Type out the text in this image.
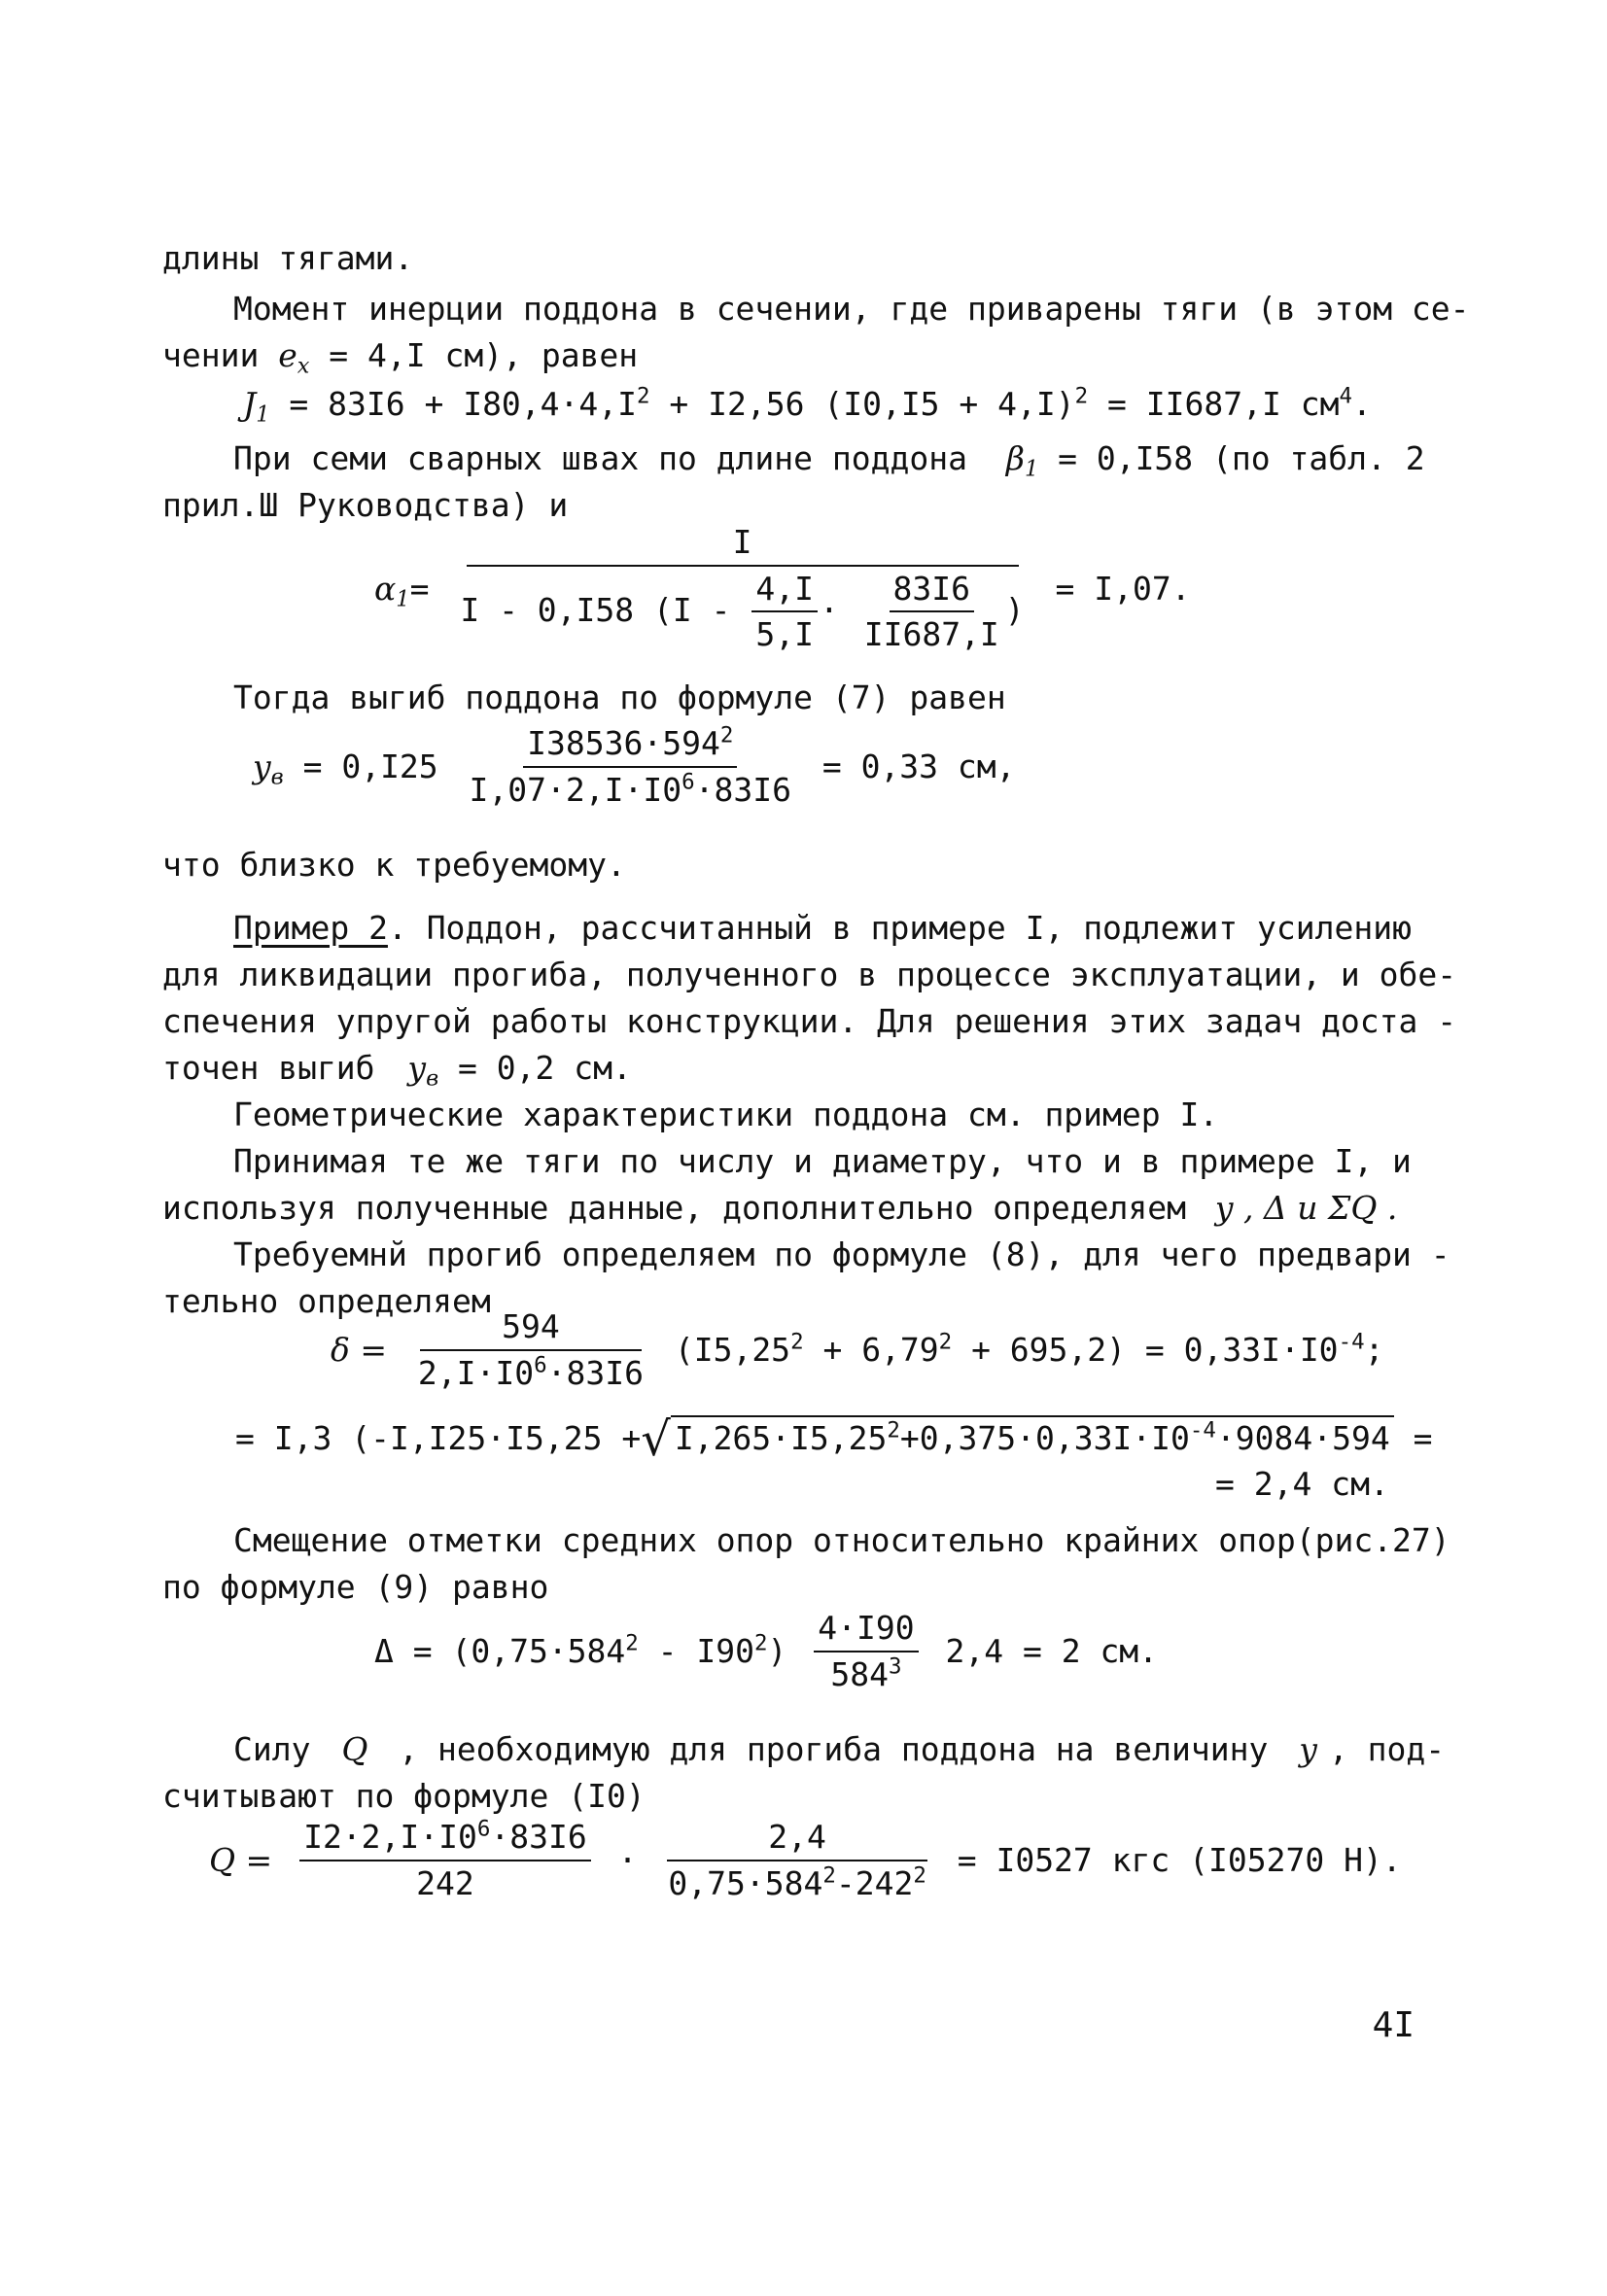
длины тягами.
Момент инерции поддона в сечении, где приварены тяги (в этом се-
чении $e_x = 4,I$ см), равен
$J_1 = 83I6 + I80,4\cdot 4,I^2 + I2,56$ $(I0,I5 + 4,I)^2 = II687,I$ $см^4$.
При семи сварных швах по длине поддона $\beta_1 = 0,I58$ (по табл. 2
прил.Ш Руководства) и
$\alpha_1= \frac{I}{I - 0,I58 (I - \frac{4,I}{5,I} \cdot \frac{83I6}{II687,I} )} = I,07$.
Тогда выгиб поддона по формуле (7) равен
$y_в = 0,I25 \frac{I38536\cdot 594^2}{I,07\cdot 2,I\cdot I0^6\cdot 83I6} = 0,33$ см,
что близко к требуемому.
Пример 2. Поддон, рассчитанный в примере I, подлежит усилению
для ликвидации прогиба, полученного в процессе эксплуатации, и обе-
спечения упругой работы конструкции. Для решения этих задач доста -
точен выгиб $y_в = 0,2$ см.
Геометрические характеристики поддона см. пример I.
Принимая те же тяги по числу и диаметру, что и в примере I, и
используя полученные данные, дополнительно определяем y , Δ и ΣQ .
Требуемнй прогиб определяем по формуле (8), для чего предвари -
тельно определяем
$\delta = \frac{594}{2,I\cdot I0^6\cdot 83I6} (I5,25^2 + 6,79^2 + 695,2) = 0,33I\cdot I0^{-4}$;
= I,3 (-I,I25·I5,25 +√ $I,265\cdot I5,25^2+0,375\cdot 0,33I\cdot I0^{-4}\cdot 9084\cdot 594$ =
= 2,4 см.
Смещение отметки средних опор относительно крайних опор(рис.27)
по формуле (9) равно
$\Delta = (0,75\cdot 584^2 - I90^2) \frac{4\cdot I90}{584^3} 2,4 = 2$ см.
Силу Q , необходимую для прогиба поддона на величину y , под-
считывают по формуле (I0)
$Q = \frac{I2\cdot 2,I\cdot I0^6\cdot 83I6}{242} \cdot \frac{2,4}{0,75\cdot 584^2-242^2} = I0527$ кгс (I05270 Н).
4I
